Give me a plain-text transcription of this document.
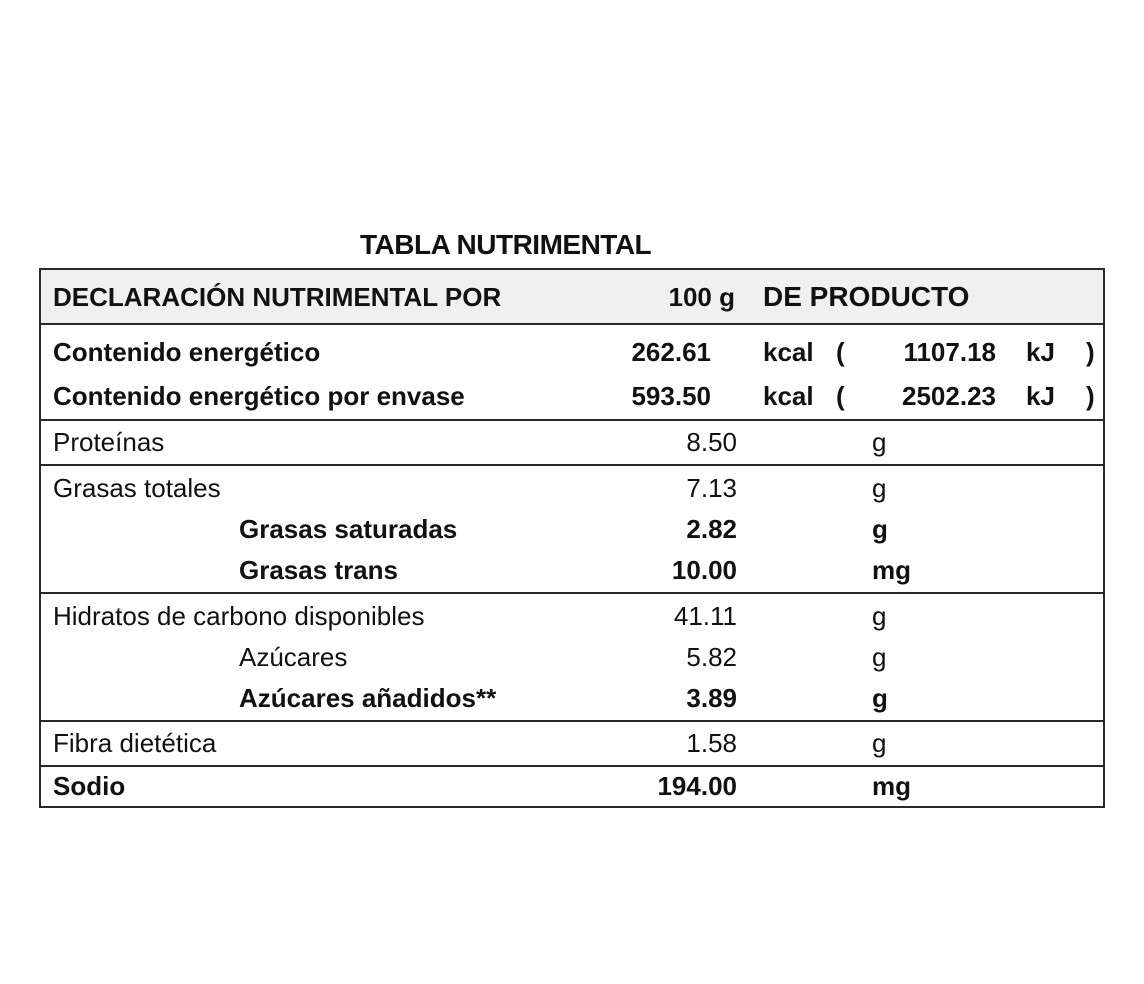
TABLA NUTRIMENTAL
DECLARACIÓN NUTRIMENTAL POR	100 g DE PRODUCTO
Contenido energético	262.61 kcal ( 1107.18 kJ )
Contenido energético por envase	593.50 kcal ( 2502.23 kJ )
Proteínas	8.50	g
Grasas totales	7.13	g
Grasas saturadas	2.82	g
Grasas trans	10.00	mg
Hidratos de carbono disponibles	41.11	g
Azúcares	5.82	g
Azúcares añadidos**	3.89	g
Fibra dietética	1.58	g
Sodio	194.00	mg
